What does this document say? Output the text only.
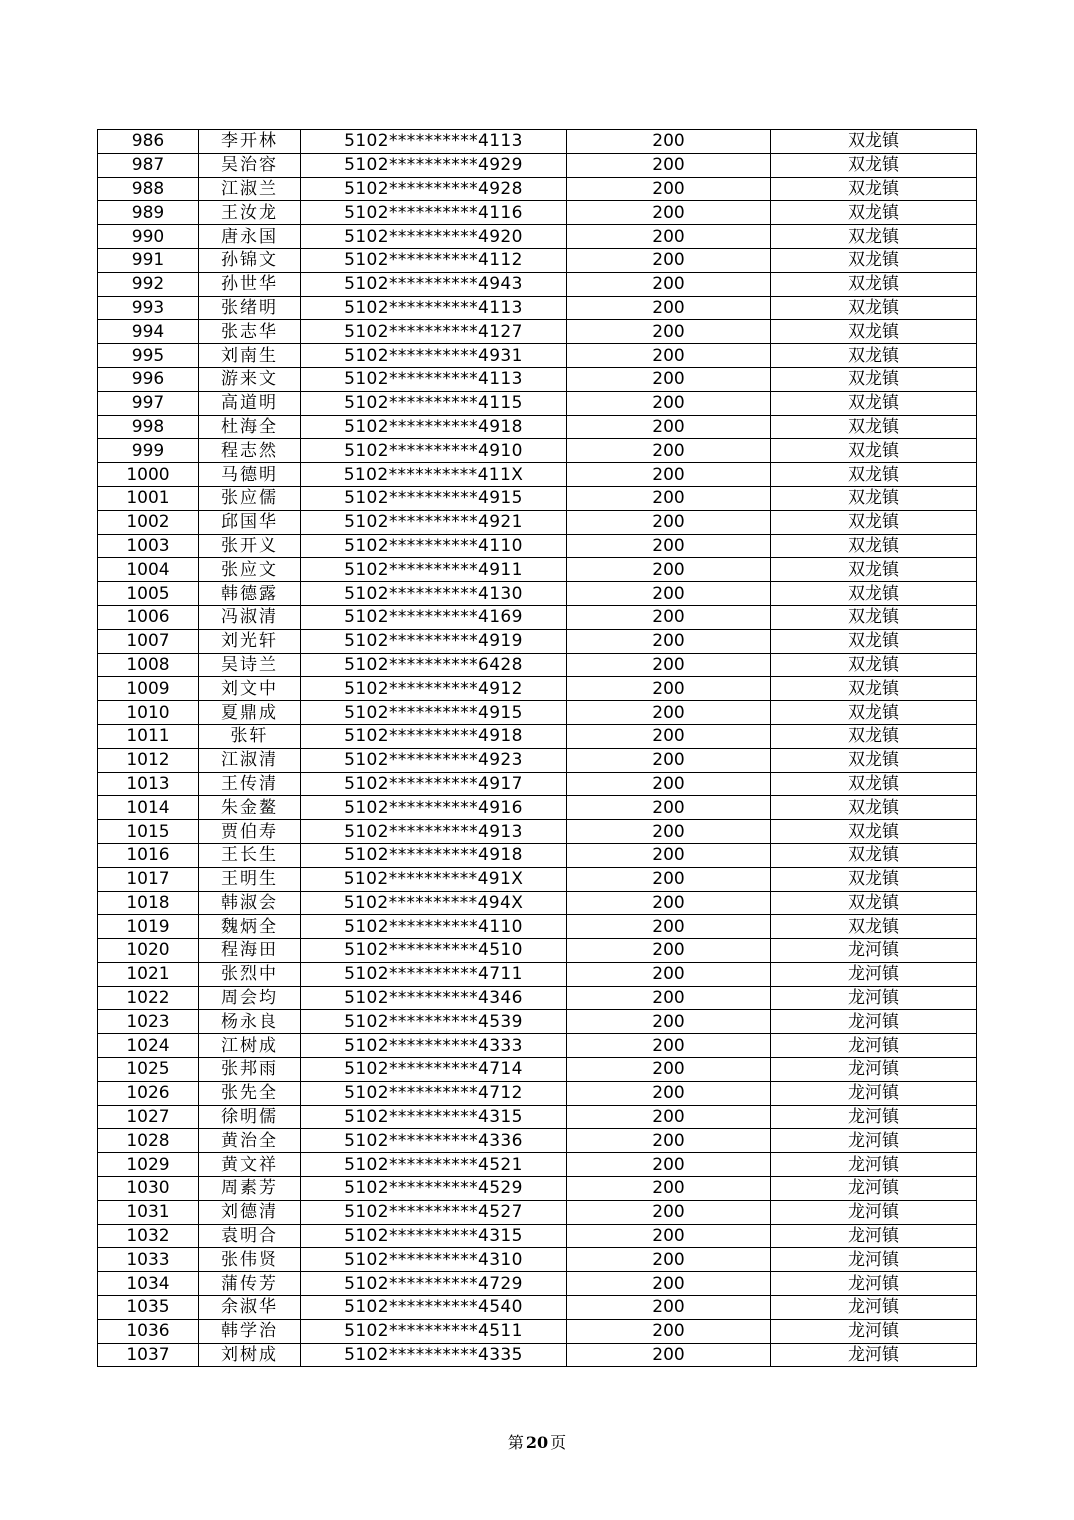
986	李开林	5102**********4113	200	双龙镇
987	吴治容	5102**********4929	200	双龙镇
988	江淑兰	5102**********4928	200	双龙镇
989	王汝龙	5102**********4116	200	双龙镇
990	唐永国	5102**********4920	200	双龙镇
991	孙锦文	5102**********4112	200	双龙镇
992	孙世华	5102**********4943	200	双龙镇
993	张绪明	5102**********4113	200	双龙镇
994	张志华	5102**********4127	200	双龙镇
995	刘南生	5102**********4931	200	双龙镇
996	游来文	5102**********4113	200	双龙镇
997	高道明	5102**********4115	200	双龙镇
998	杜海全	5102**********4918	200	双龙镇
999	程志然	5102**********4910	200	双龙镇
1000	马德明	5102**********411X	200	双龙镇
1001	张应儒	5102**********4915	200	双龙镇
1002	邱国华	5102**********4921	200	双龙镇
1003	张开义	5102**********4110	200	双龙镇
1004	张应文	5102**********4911	200	双龙镇
1005	韩德露	5102**********4130	200	双龙镇
1006	冯淑清	5102**********4169	200	双龙镇
1007	刘光轩	5102**********4919	200	双龙镇
1008	吴诗兰	5102**********6428	200	双龙镇
1009	刘文中	5102**********4912	200	双龙镇
1010	夏鼎成	5102**********4915	200	双龙镇
1011	张轩	5102**********4918	200	双龙镇
1012	江淑清	5102**********4923	200	双龙镇
1013	王传清	5102**********4917	200	双龙镇
1014	朱金鳌	5102**********4916	200	双龙镇
1015	贾伯寿	5102**********4913	200	双龙镇
1016	王长生	5102**********4918	200	双龙镇
1017	王明生	5102**********491X	200	双龙镇
1018	韩淑会	5102**********494X	200	双龙镇
1019	魏炳全	5102**********4110	200	双龙镇
1020	程海田	5102**********4510	200	龙河镇
1021	张烈中	5102**********4711	200	龙河镇
1022	周会均	5102**********4346	200	龙河镇
1023	杨永良	5102**********4539	200	龙河镇
1024	江树成	5102**********4333	200	龙河镇
1025	张邦雨	5102**********4714	200	龙河镇
1026	张先全	5102**********4712	200	龙河镇
1027	徐明儒	5102**********4315	200	龙河镇
1028	黄治全	5102**********4336	200	龙河镇
1029	黄文祥	5102**********4521	200	龙河镇
1030	周素芳	5102**********4529	200	龙河镇
1031	刘德清	5102**********4527	200	龙河镇
1032	袁明合	5102**********4315	200	龙河镇
1033	张伟贤	5102**********4310	200	龙河镇
1034	蒲传芳	5102**********4729	200	龙河镇
1035	余淑华	5102**********4540	200	龙河镇
1036	韩学治	5102**********4511	200	龙河镇
1037	刘树成	5102**********4335	200	龙河镇
第 20 页
